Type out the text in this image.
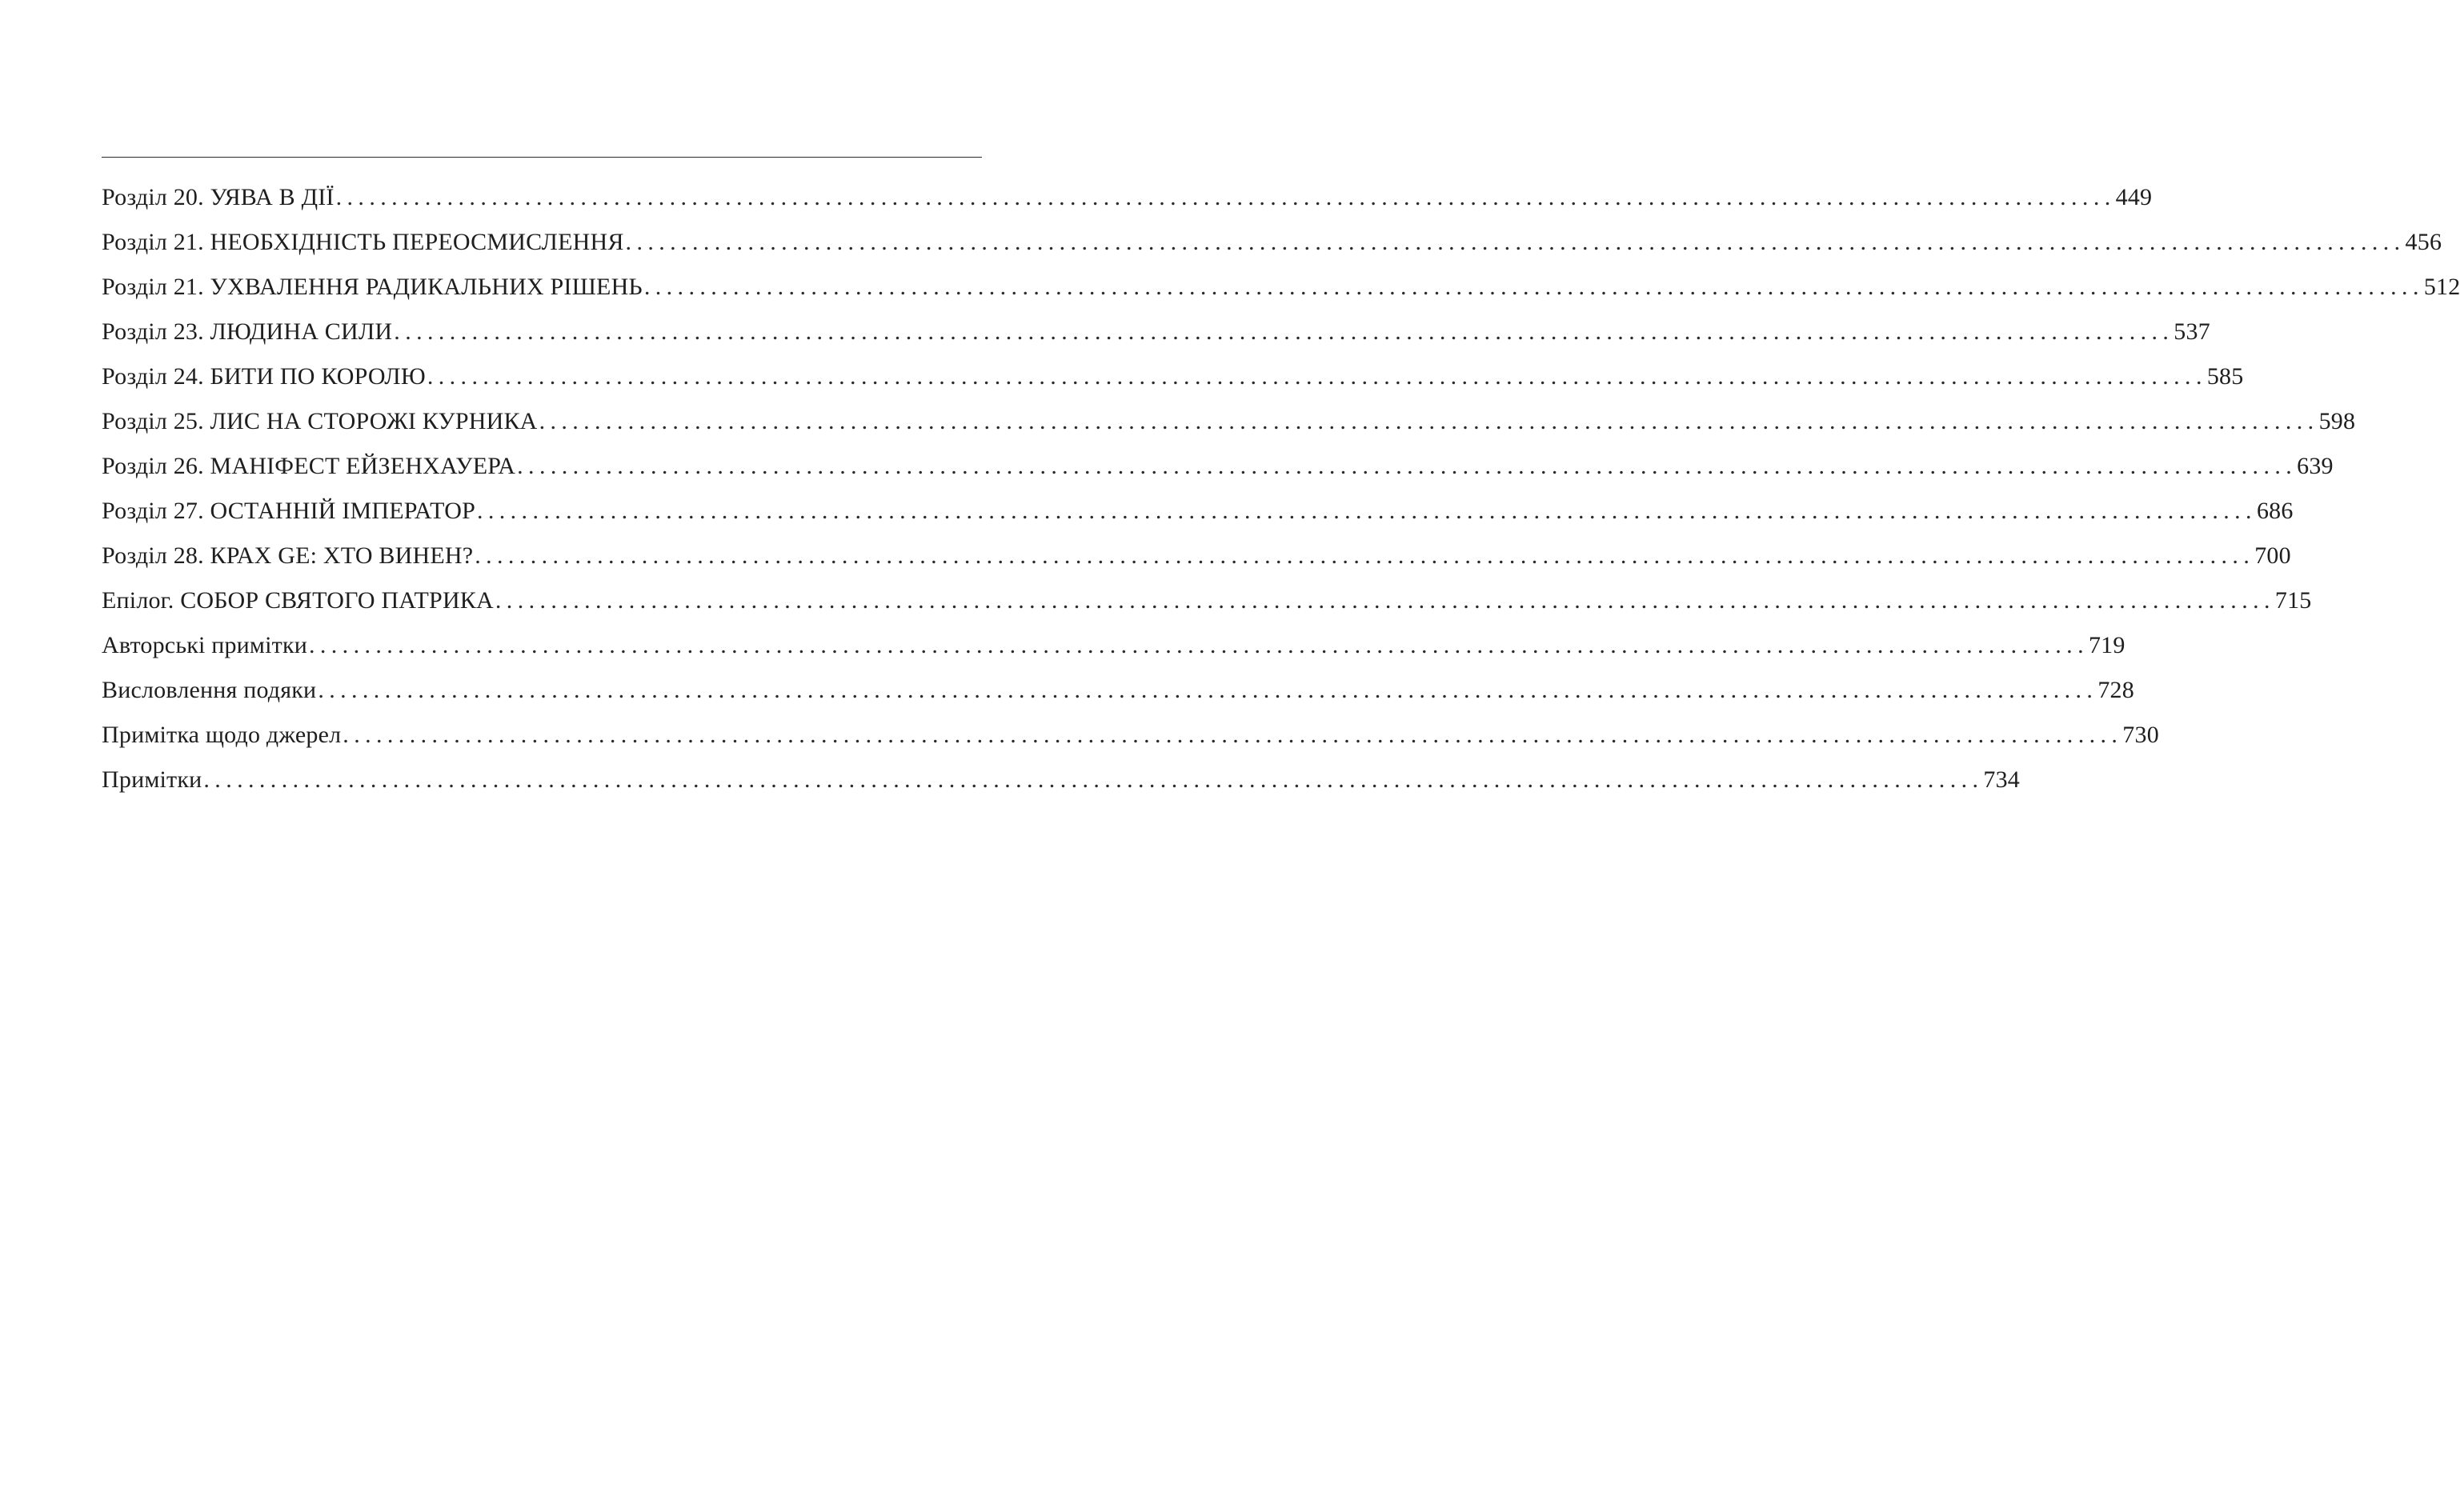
Розділ 20. УЯВА В ДІЇ ................................................................................................................................................................ 449
Розділ 21. НЕОБХІДНІСТЬ ПЕРЕОСМИСЛЕННЯ ................................................................................................................................................................ 456
Розділ 21. УХВАЛЕННЯ РАДИКАЛЬНИХ РІШЕНЬ ................................................................................................................................................................ 512
Розділ 23. ЛЮДИНА СИЛИ ................................................................................................................................................................ 537
Розділ 24. БИТИ ПО КОРОЛЮ ................................................................................................................................................................ 585
Розділ 25. ЛИС НА СТОРОЖІ КУРНИКА ................................................................................................................................................................ 598
Розділ 26. МАНІФЕСТ ЕЙЗЕНХАУЕРА ................................................................................................................................................................ 639
Розділ 27. ОСТАННІЙ ІМПЕРАТОР ................................................................................................................................................................ 686
Розділ 28. КРАХ GE: ХТО ВИНЕН? ................................................................................................................................................................ 700
Епілог. СОБОР СВЯТОГО ПАТРИКА ................................................................................................................................................................ 715
Авторські примітки ................................................................................................................................................................ 719
Висловлення подяки ................................................................................................................................................................ 728
Примітка щодо джерел ................................................................................................................................................................ 730
Примітки ................................................................................................................................................................ 734
